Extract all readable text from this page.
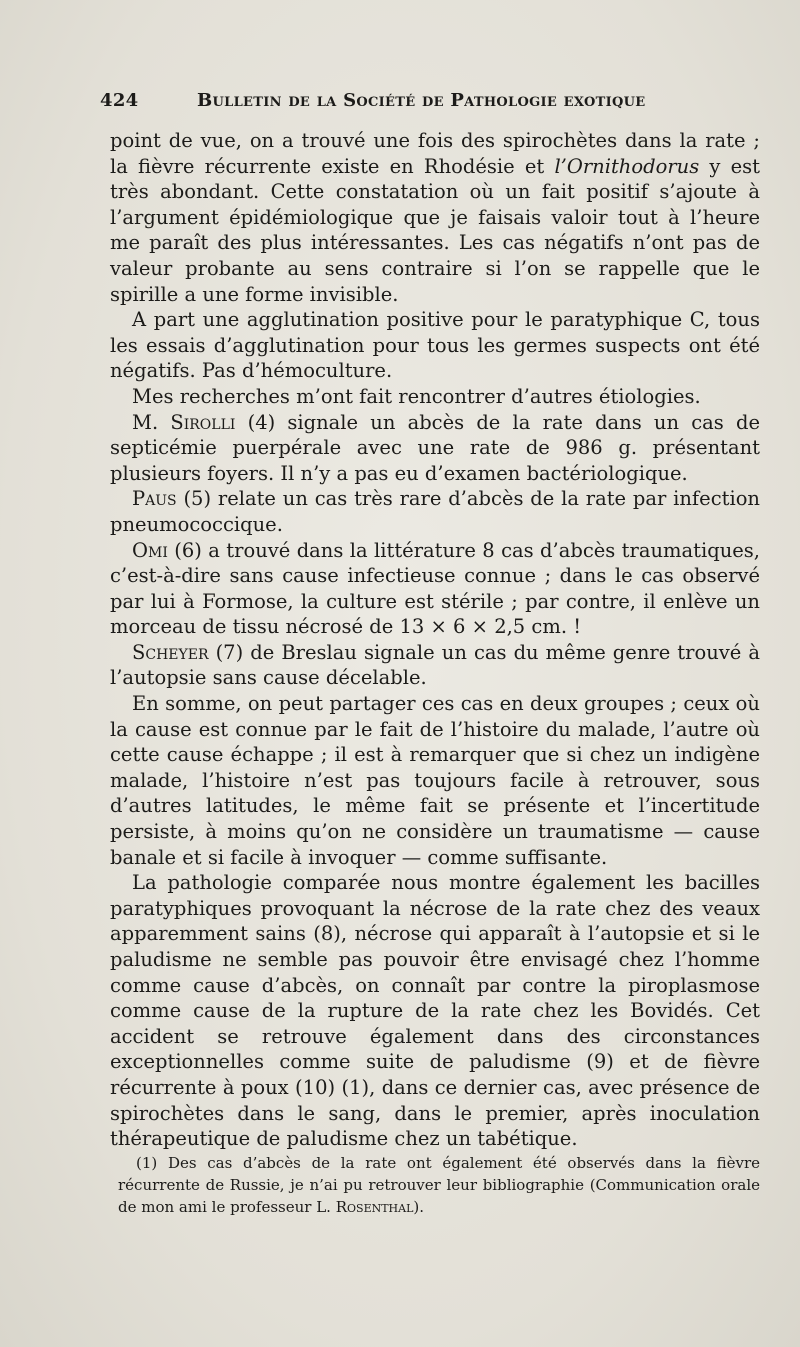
424	Bulletin de la Société de Pathologie exotique

point de vue, on a trouvé une fois des spirochètes dans la rate ; la fièvre récurrente existe en Rhodésie et l’Ornithodorus y est très abondant. Cette constatation où un fait positif s’ajoute à l’argument épidémiologique que je faisais valoir tout à l’heure me paraît des plus intéressantes. Les cas négatifs n’ont pas de valeur probante au sens contraire si l’on se rappelle que le spirille a une forme invisible.

A part une agglutination positive pour le paratyphique C, tous les essais d’agglutination pour tous les germes suspects ont été négatifs. Pas d’hémoculture.

Mes recherches m’ont fait rencontrer d’autres étiologies.

M. Sirolli (4) signale un abcès de la rate dans un cas de septicémie puerpérale avec une rate de 986 g. présentant plusieurs foyers. Il n’y a pas eu d’examen bactériologique.

Paus (5) relate un cas très rare d’abcès de la rate par infection pneumococcique.

Omi (6) a trouvé dans la littérature 8 cas d’abcès traumatiques, c’est-à-dire sans cause infectieuse connue ; dans le cas observé par lui à Formose, la culture est stérile ; par contre, il enlève un morceau de tissu nécrosé de 13 × 6 × 2,5 cm. !

Scheyer (7) de Breslau signale un cas du même genre trouvé à l’autopsie sans cause décelable.

En somme, on peut partager ces cas en deux groupes ; ceux où la cause est connue par le fait de l’histoire du malade, l’autre où cette cause échappe ; il est à remarquer que si chez un indigène malade, l’histoire n’est pas toujours facile à retrouver, sous d’autres latitudes, le même fait se présente et l’incertitude persiste, à moins qu’on ne considère un traumatisme — cause banale et si facile à invoquer — comme suffisante.

La pathologie comparée nous montre également les bacilles paratyphiques provoquant la nécrose de la rate chez des veaux apparemment sains (8), nécrose qui apparaît à l’autopsie et si le paludisme ne semble pas pouvoir être envisagé chez l’homme comme cause d’abcès, on connaît par contre la piroplasmose comme cause de la rupture de la rate chez les Bovidés. Cet accident se retrouve également dans des circonstances exceptionnelles comme suite de paludisme (9) et de fièvre récurrente à poux (10) (1), dans ce dernier cas, avec présence de spirochètes dans le sang, dans le premier, après inoculation thérapeutique de paludisme chez un tabétique.

(1) Des cas d’abcès de la rate ont également été observés dans la fièvre récurrente de Russie, je n’ai pu retrouver leur bibliographie (Communication orale de mon ami le professeur L. Rosenthal).
